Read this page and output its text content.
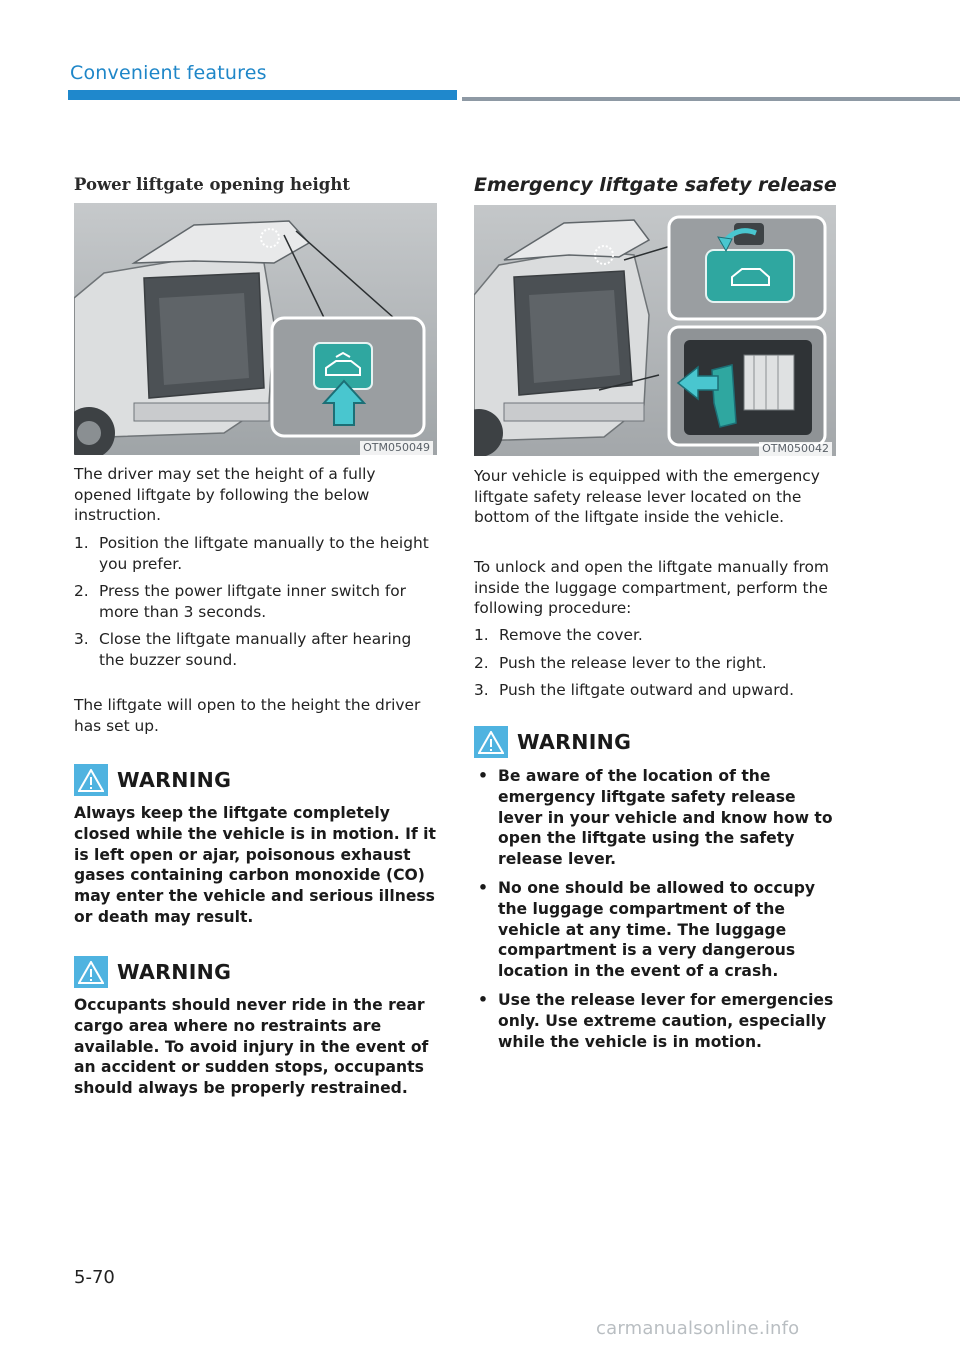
Convenient features
Power liftgate opening height
OTM050049

The driver may set the height of a fully opened liftgate by following the below instruction.

1. Position the liftgate manually to the height you prefer.
2. Press the power liftgate inner switch for more than 3 seconds.
3. Close the liftgate manually after hearing the buzzer sound.

The liftgate will open to the height the driver has set up.

WARNING

Always keep the liftgate completely closed while the vehicle is in motion. If it is left open or ajar, poisonous exhaust gases containing carbon monoxide (CO) may enter the vehicle and serious illness or death may result.

WARNING

Occupants should never ride in the rear cargo area where no restraints are available. To avoid injury in the event of an accident or sudden stops, occupants should always be properly restrained.

Emergency liftgate safety release
OTM050042

Your vehicle is equipped with the emergency liftgate safety release lever located on the bottom of the liftgate inside the vehicle.

To unlock and open the liftgate manually from inside the luggage compartment, perform the following procedure:

1. Remove the cover.
2. Push the release lever to the right.
3. Push the liftgate outward and upward.
WARNING
• Be aware of the location of the emergency liftgate safety release lever in your vehicle and know how to open the liftgate using the safety release lever.
• No one should be allowed to occupy the luggage compartment of the vehicle at any time. The luggage compartment is a very dangerous location in the event of a crash.
• Use the release lever for emergencies only. Use extreme caution, especially while the vehicle is in motion.
5-70
carmanualsonline.info
